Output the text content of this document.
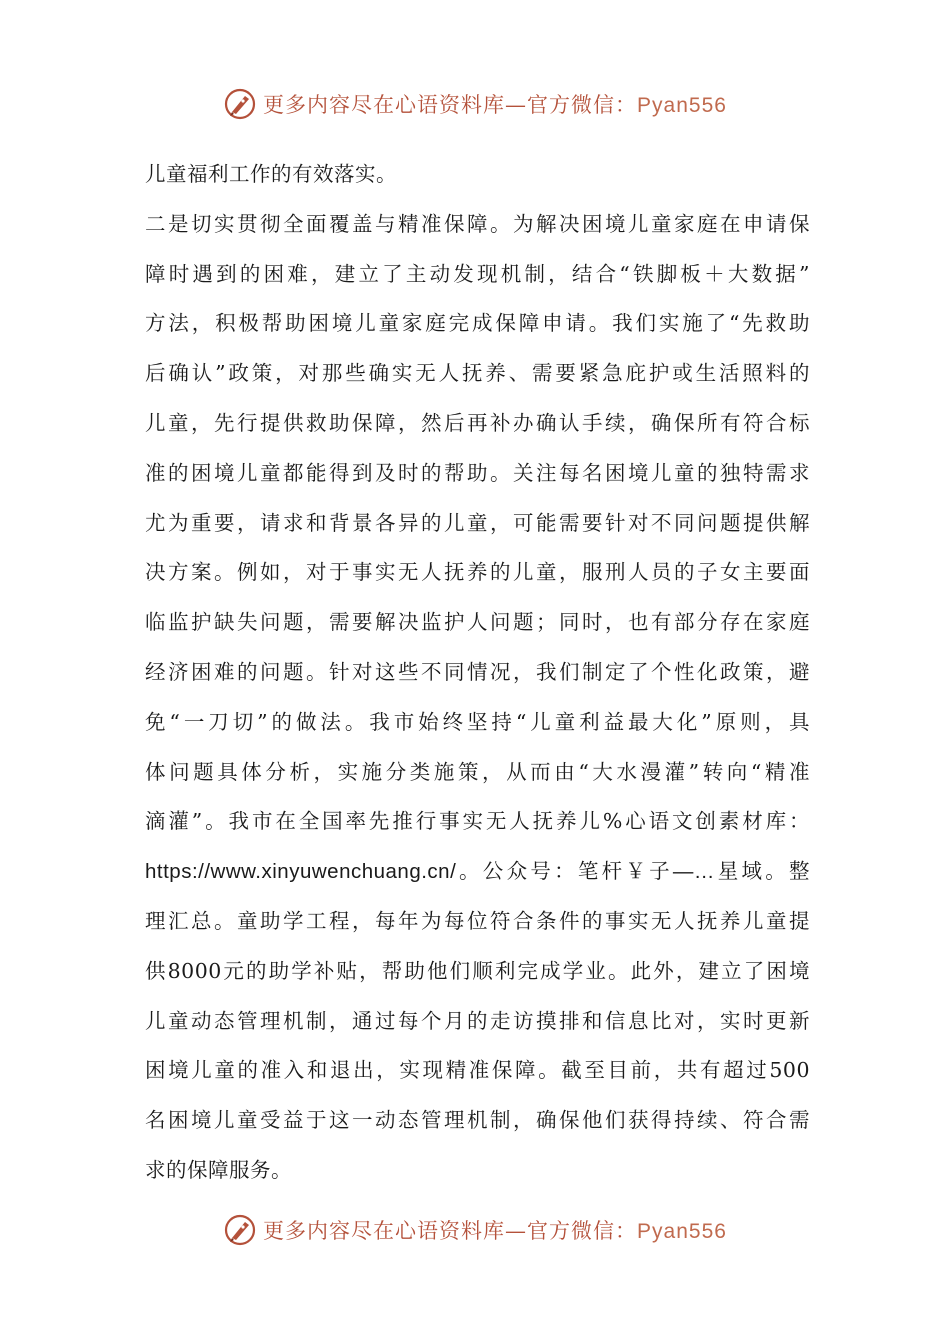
更多内容尽在心语资料库—官方微信：Pyan556
儿童福利工作的有效落实。
二是切实贯彻全面覆盖与精准保障。为解决困境儿童家庭在申请保
障时遇到的困难，建立了主动发现机制，结合“铁脚板＋大数据”
方法，积极帮助困境儿童家庭完成保障申请。我们实施了“先救助
后确认”政策，对那些确实无人抚养、需要紧急庇护或生活照料的
儿童，先行提供救助保障，然后再补办确认手续，确保所有符合标
准的困境儿童都能得到及时的帮助。关注每名困境儿童的独特需求
尤为重要，请求和背景各异的儿童，可能需要针对不同问题提供解
决方案。例如，对于事实无人抚养的儿童，服刑人员的子女主要面
临监护缺失问题，需要解决监护人问题；同时，也有部分存在家庭
经济困难的问题。针对这些不同情况，我们制定了个性化政策，避
免“一刀切”的做法。我市始终坚持“儿童利益最大化”原则，具
体问题具体分析，实施分类施策，从而由“大水漫灌”转向“精准
滴灌”。我市在全国率先推行事实无人抚养儿%心语文创素材库：
https://www.xinyuwenchuang.cn/。公众号：笔杆￥子—…星域。整
理汇总。童助学工程，每年为每位符合条件的事实无人抚养儿童提
供8000元的助学补贴，帮助他们顺利完成学业。此外，建立了困境
儿童动态管理机制，通过每个月的走访摸排和信息比对，实时更新
困境儿童的准入和退出，实现精准保障。截至目前，共有超过500
名困境儿童受益于这一动态管理机制，确保他们获得持续、符合需
求的保障服务。
更多内容尽在心语资料库—官方微信：Pyan556
